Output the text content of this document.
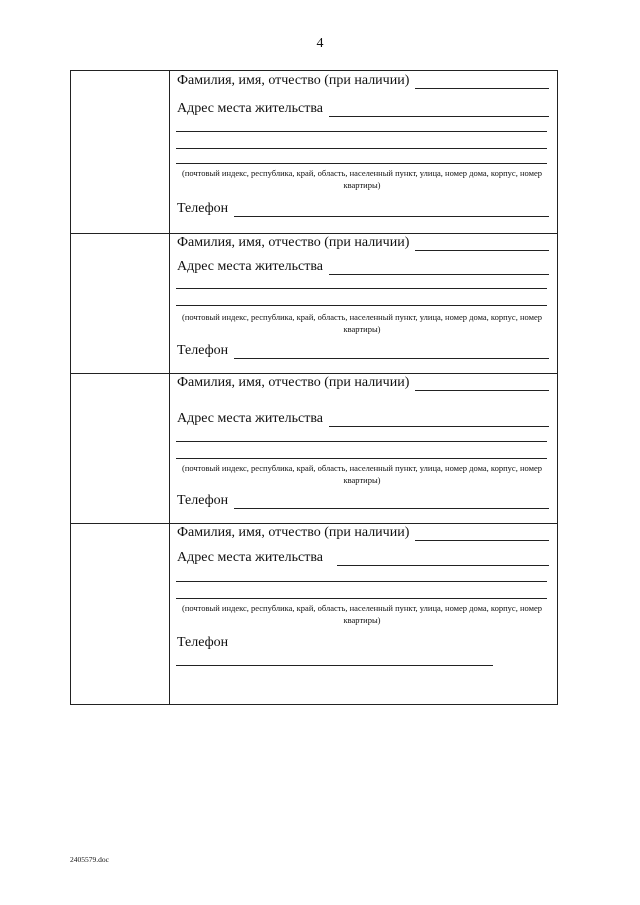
4
Фамилия, имя, отчество (при наличии)
Адрес места жительства
(почтовый индекс, республика, край, область, населенный пункт, улица, номер дома, корпус, номер квартиры)
Телефон
Фамилия, имя, отчество (при наличии)
Адрес места жительства
(почтовый индекс, республика, край, область, населенный пункт, улица, номер дома, корпус, номер квартиры)
Телефон
Фамилия, имя, отчество (при наличии)
Адрес места жительства
(почтовый индекс, республика, край, область, населенный пункт, улица, номер дома, корпус, номер квартиры)
Телефон
Фамилия, имя, отчество (при наличии)
Адрес места жительства
(почтовый индекс, республика, край, область, населенный пункт, улица, номер дома, корпус, номер квартиры)
Телефон
2405579.doc
